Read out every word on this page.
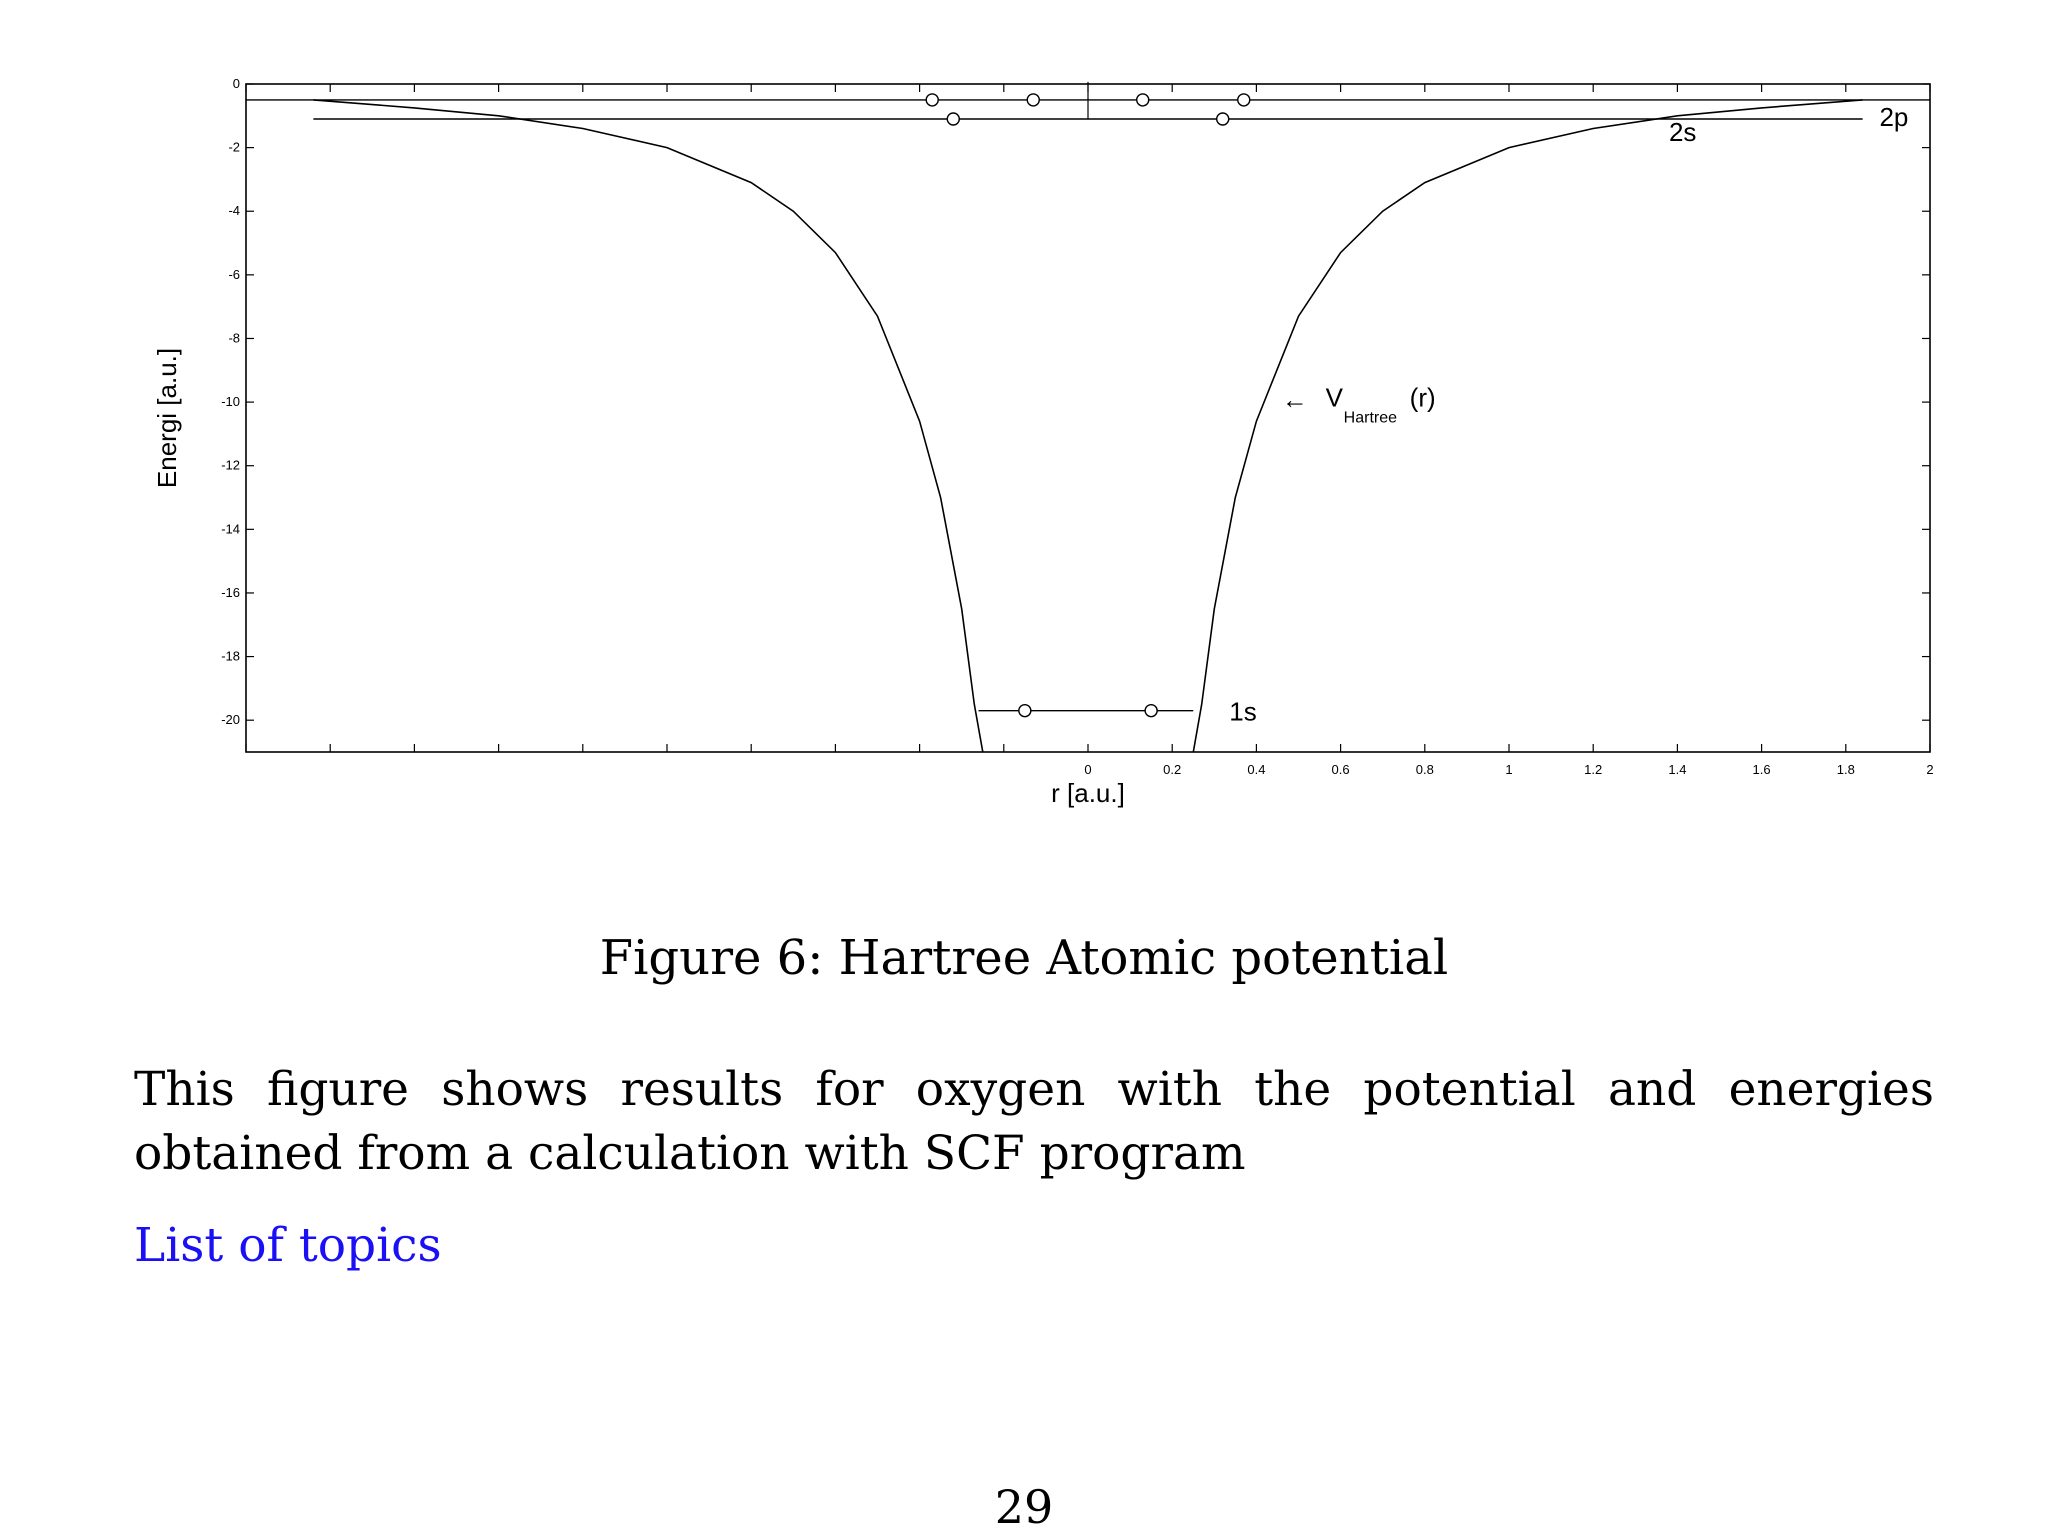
0
-2
-4
-6
-8
-10
-12
-14
-16
-18
-20
0	0.2	0.4	0.6	0.8	1	1.2	1.4	1.6	1.8	2
1s
2s
2p
r [a.u.]
Energi [a.u.]	← V
Hartree
(r)
Figure 6: Hartree Atomic potential
This figure shows results for oxygen with the potential and energies obtained from a calculation with SCF program
List of topics
29
